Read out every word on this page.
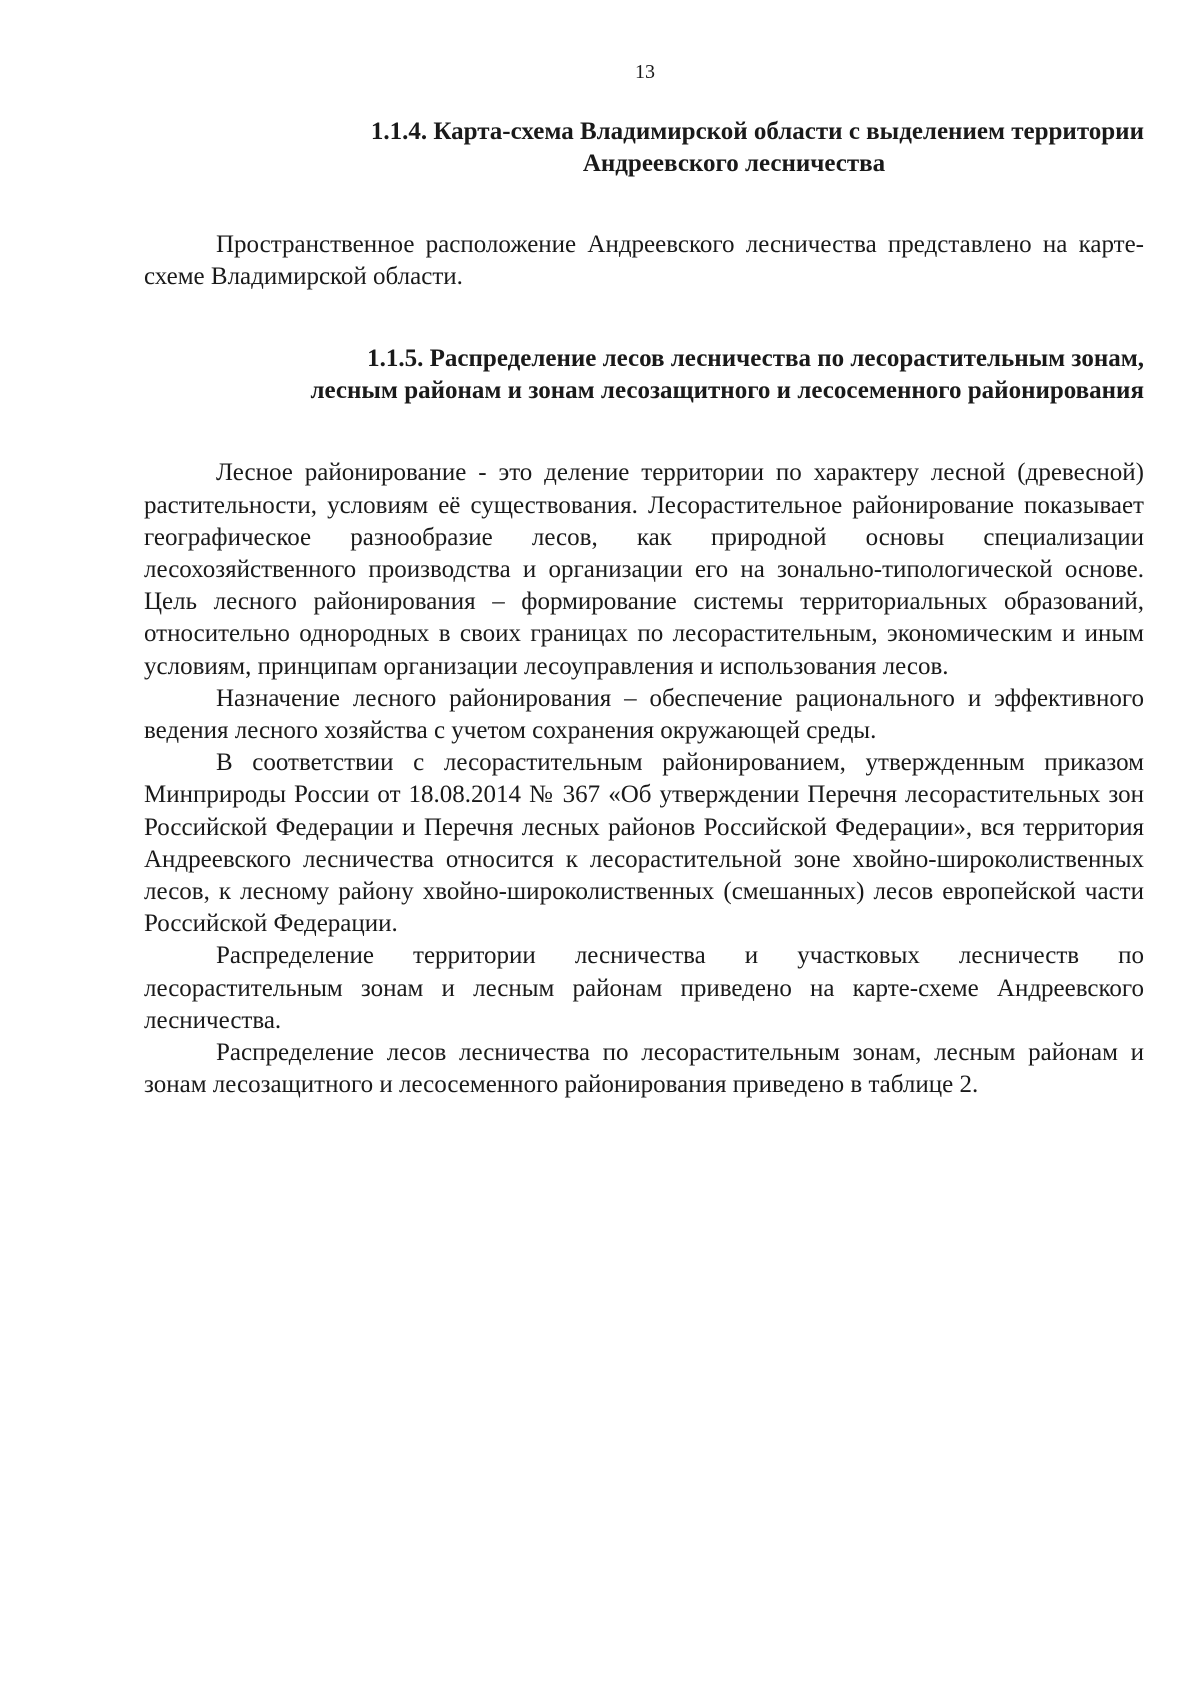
13
1.1.4. Карта-схема Владимирской области с выделением территории
Андреевского лесничества

Пространственное расположение Андреевского лесничества представлено на карте-схеме Владимирской области.

1.1.5. Распределение лесов лесничества по лесорастительным зонам,
лесным районам и зонам лесозащитного и лесосеменного районирования

Лесное районирование - это деление территории по характеру лесной (древесной) растительности, условиям её существования. Лесорастительное районирование показывает географическое разнообразие лесов, как природной основы специализации лесохозяйственного производства и организации его на зонально-типологической основе. Цель лесного районирования – формирование системы территориальных образований, относительно однородных в своих границах по лесорастительным, экономическим и иным условиям, принципам организации лесоуправления и использования лесов.

Назначение лесного районирования – обеспечение рационального и эффективного ведения лесного хозяйства с учетом сохранения окружающей среды.

В соответствии с лесорастительным районированием, утвержденным приказом Минприроды России от 18.08.2014 № 367 «Об утверждении Перечня лесорастительных зон Российской Федерации и Перечня лесных районов Российской Федерации», вся территория Андреевского лесничества относится к лесорастительной зоне хвойно-широколиственных лесов, к лесному району хвойно-широколиственных (смешанных) лесов европейской части Российской Федерации.

Распределение территории лесничества и участковых лесничеств по лесорастительным зонам и лесным районам приведено на карте-схеме Андреевского лесничества.

Распределение лесов лесничества по лесорастительным зонам, лесным районам и зонам лесозащитного и лесосеменного районирования приведено в таблице 2.
